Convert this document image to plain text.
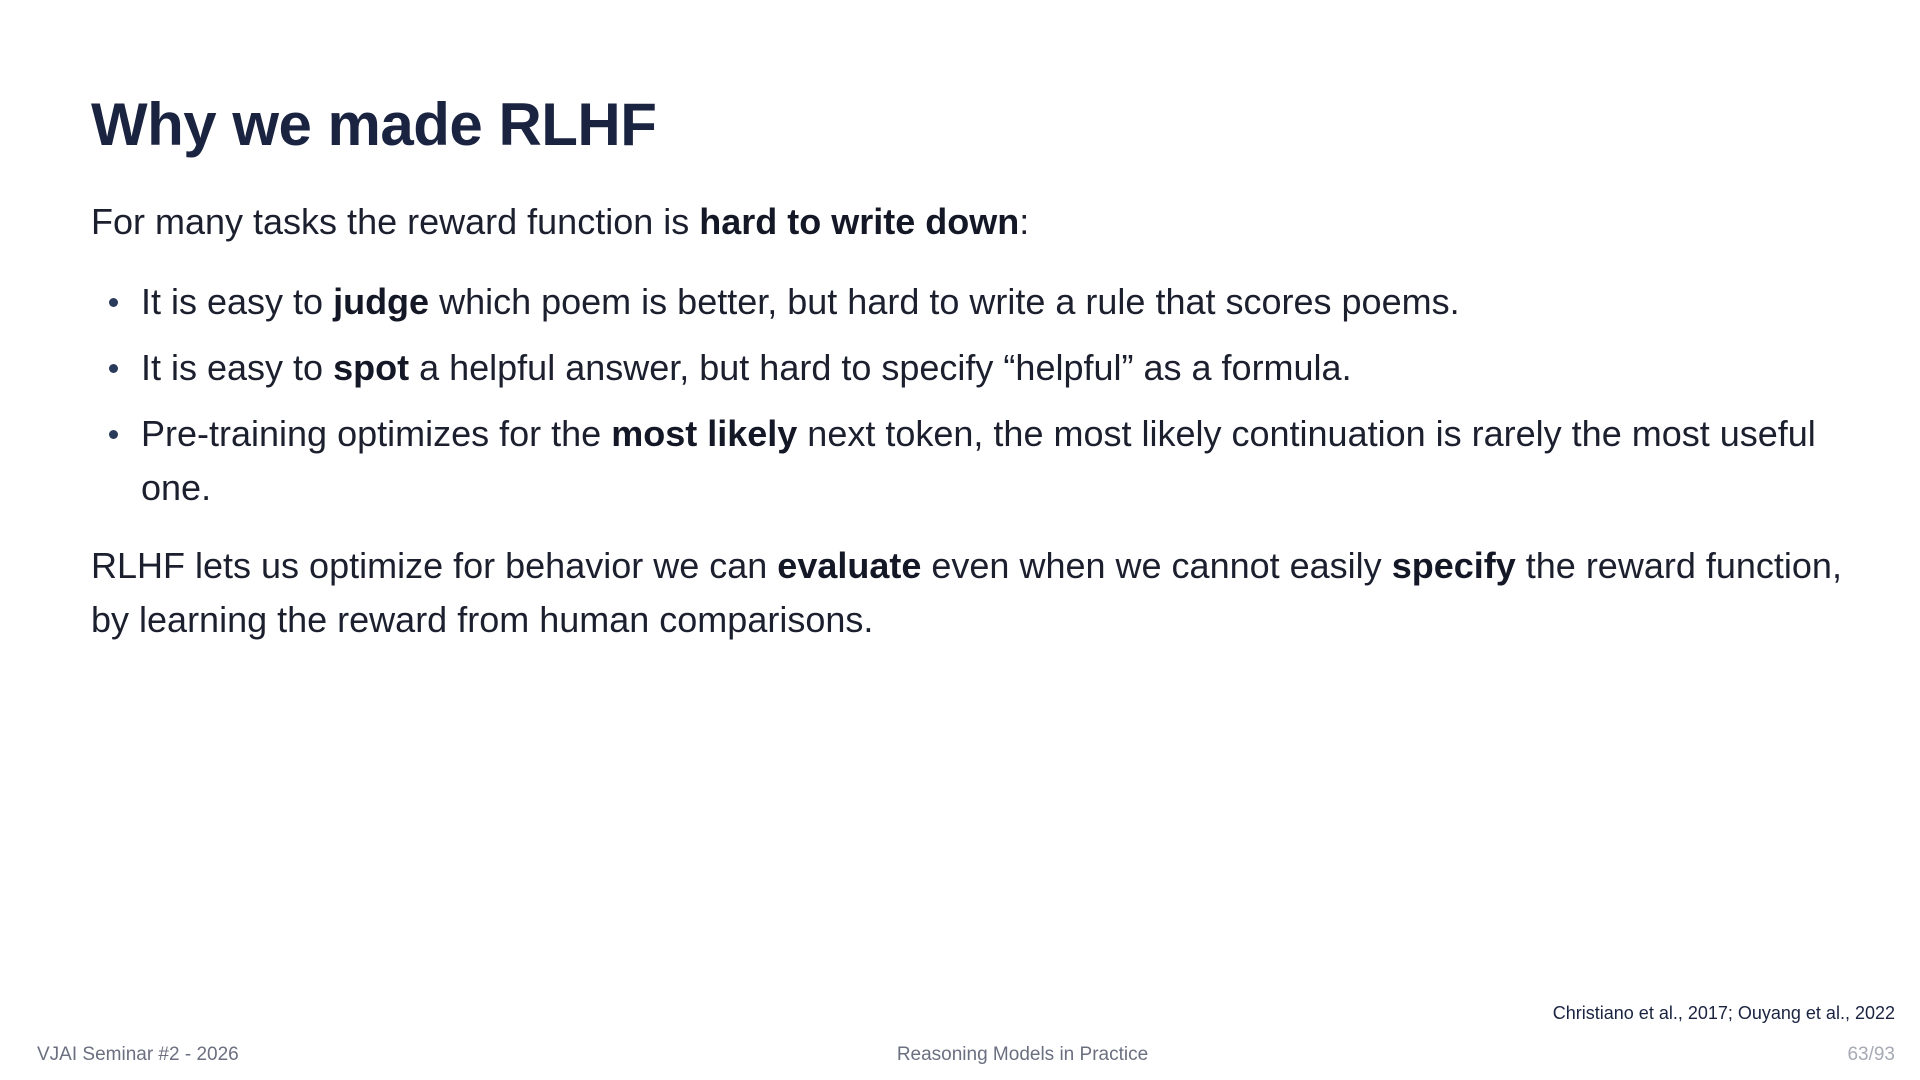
Why we made RLHF

For many tasks the reward function is hard to write down:

It is easy to judge which poem is better, but hard to write a rule that scores poems.
It is easy to spot a helpful answer, but hard to specify “helpful” as a formula.
Pre-training optimizes for the most likely next token, the most likely continuation is rarely the most useful one.

RLHF lets us optimize for behavior we can evaluate even when we cannot easily specify the reward function, by learning the reward from human comparisons.

Christiano et al., 2017; Ouyang et al., 2022
VJAI Seminar #2 - 2026	Reasoning Models in Practice	63/93
